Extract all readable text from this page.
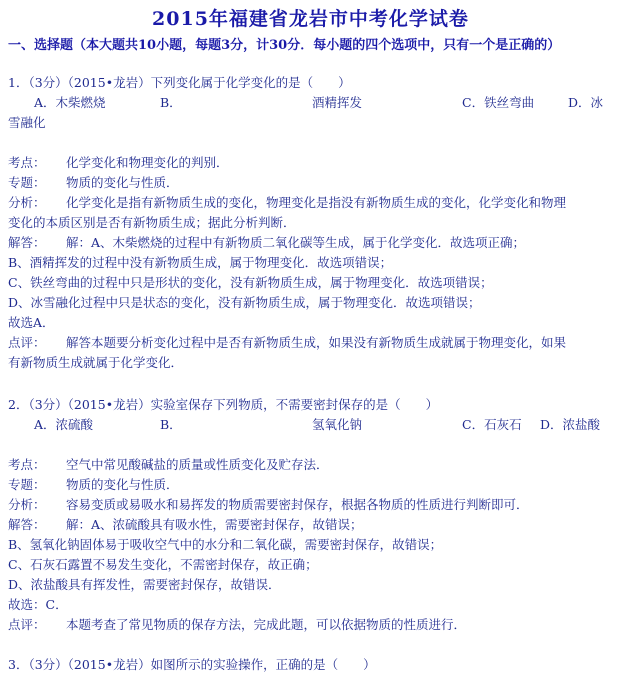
2015年福建省龙岩市中考化学试卷
一、选择题（本大题共10小题，每题3分，计30分．每小题的四个选项中，只有一个是正确的）
1．（3分）（2015•龙岩）下列变化属于化学变化的是（　　）
A．木柴燃烧	B．	酒精挥发	C．铁丝弯曲	D．冰
雪融化
考点： 化学变化和物理变化的判别．
专题： 物质的变化与性质．
分析： 化学变化是指有新物质生成的变化，物理变化是指没有新物质生成的变化，化学变化和物理
变化的本质区别是否有新物质生成；据此分析判断．
解答： 解：A、木柴燃烧的过程中有新物质二氧化碳等生成，属于化学变化．故选项正确；
B、酒精挥发的过程中没有新物质生成，属于物理变化．故选项错误；
C、铁丝弯曲的过程中只是形状的变化，没有新物质生成，属于物理变化．故选项错误；
D、冰雪融化过程中只是状态的变化，没有新物质生成，属于物理变化．故选项错误；
故选A．
点评： 解答本题要分析变化过程中是否有新物质生成，如果没有新物质生成就属于物理变化，如果
有新物质生成就属于化学变化．
2．（3分）（2015•龙岩）实验室保存下列物质，不需要密封保存的是（　　）
A．浓硫酸	B．	氢氧化钠	C．石灰石 D．浓盐酸
考点： 空气中常见酸碱盐的质量或性质变化及贮存法．
专题： 物质的变化与性质．
分析： 容易变质或易吸水和易挥发的物质需要密封保存，根据各物质的性质进行判断即可．
解答： 解：A、浓硫酸具有吸水性，需要密封保存，故错误；
B、氢氧化钠固体易于吸收空气中的水分和二氧化碳，需要密封保存，故错误；
C、石灰石露置不易发生变化，不需密封保存，故正确；
D、浓盐酸具有挥发性，需要密封保存，故错误．
故选：C．
点评： 本题考查了常见物质的保存方法，完成此题，可以依据物质的性质进行．
3．（3分）（2015•龙岩）如图所示的实验操作，正确的是（　　）
